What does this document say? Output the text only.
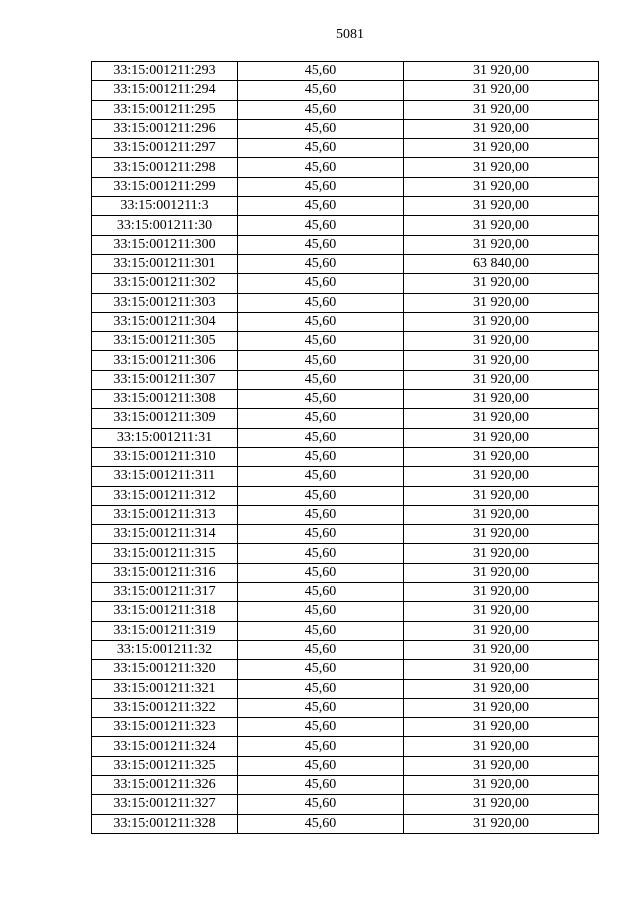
5081
33:15:001211:293	45,60	31 920,00
33:15:001211:294	45,60	31 920,00
33:15:001211:295	45,60	31 920,00
33:15:001211:296	45,60	31 920,00
33:15:001211:297	45,60	31 920,00
33:15:001211:298	45,60	31 920,00
33:15:001211:299	45,60	31 920,00
33:15:001211:3	45,60	31 920,00
33:15:001211:30	45,60	31 920,00
33:15:001211:300	45,60	31 920,00
33:15:001211:301	45,60	63 840,00
33:15:001211:302	45,60	31 920,00
33:15:001211:303	45,60	31 920,00
33:15:001211:304	45,60	31 920,00
33:15:001211:305	45,60	31 920,00
33:15:001211:306	45,60	31 920,00
33:15:001211:307	45,60	31 920,00
33:15:001211:308	45,60	31 920,00
33:15:001211:309	45,60	31 920,00
33:15:001211:31	45,60	31 920,00
33:15:001211:310	45,60	31 920,00
33:15:001211:311	45,60	31 920,00
33:15:001211:312	45,60	31 920,00
33:15:001211:313	45,60	31 920,00
33:15:001211:314	45,60	31 920,00
33:15:001211:315	45,60	31 920,00
33:15:001211:316	45,60	31 920,00
33:15:001211:317	45,60	31 920,00
33:15:001211:318	45,60	31 920,00
33:15:001211:319	45,60	31 920,00
33:15:001211:32	45,60	31 920,00
33:15:001211:320	45,60	31 920,00
33:15:001211:321	45,60	31 920,00
33:15:001211:322	45,60	31 920,00
33:15:001211:323	45,60	31 920,00
33:15:001211:324	45,60	31 920,00
33:15:001211:325	45,60	31 920,00
33:15:001211:326	45,60	31 920,00
33:15:001211:327	45,60	31 920,00
33:15:001211:328	45,60	31 920,00
